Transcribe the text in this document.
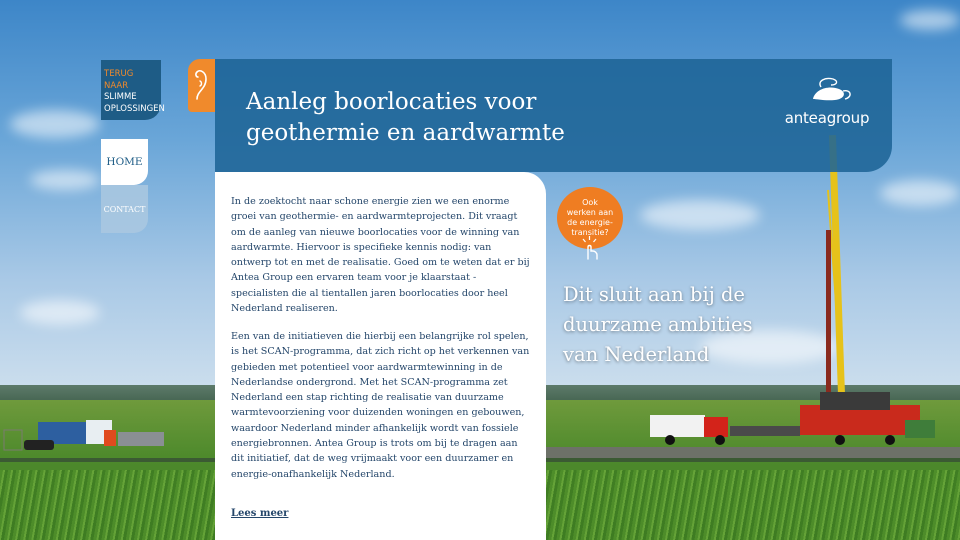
TERUG
NAAR SLIMME
OPLOSSINGEN
HOME
CONTACT
Aanleg boorlocaties voor
geothermie en aardwarmte
anteagroup

In de zoektocht naar schone energie zien we een enorme groei van geothermie- en aardwarmteprojecten. Dit vraagt om de aanleg van nieuwe boorlocaties voor de winning van aardwarmte. Hiervoor is specifieke kennis nodig: van ontwerp tot en met de realisatie. Goed om te weten dat er bij Antea Group een ervaren team voor je klaarstaat - specialisten die al tientallen jaren boorlocaties door heel Nederland realiseren.

Een van de initiatieven die hierbij een belangrijke rol spelen, is het SCAN-programma, dat zich richt op het verkennen van gebieden met potentieel voor aardwarmtewinning in de Nederlandse ondergrond. Met het SCAN-programma zet Nederland een stap richting de realisatie van duurzame warmtevoorziening voor duizenden woningen en gebouwen, waardoor Nederland minder afhankelijk wordt van fossiele energiebronnen. Antea Group is trots om bij te dragen aan dit initiatief, dat de weg vrijmaakt voor een duurzamer en energie-onafhankelijk Nederland.

Lees meer
Ook
werken aan
de energie-
transitie?
Dit sluit aan bij de
duurzame ambities
van Nederland
